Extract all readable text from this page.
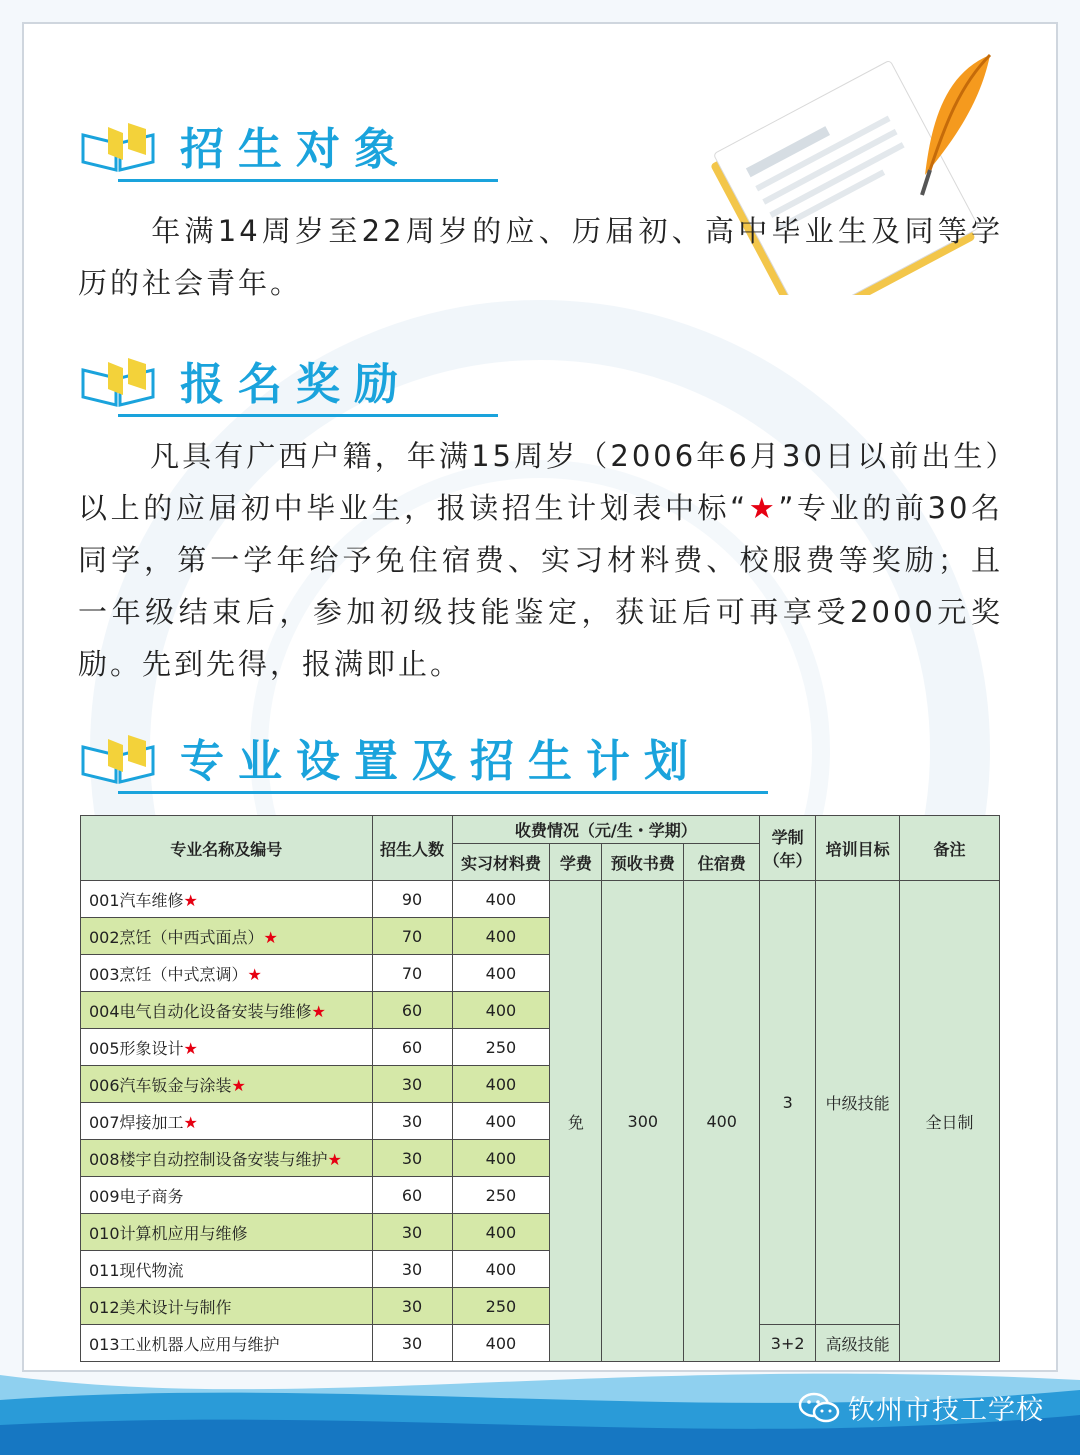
招生对象

年满14周岁至22周岁的应、历届初、高中毕业生及同等学历的社会青年。

报名奖励

凡具有广西户籍，年满15周岁（2006年6月30日以前出生）以上的应届初中毕业生，报读招生计划表中标“★”专业的前30名同学，第一学年给予免住宿费、实习材料费、校服费等奖励；且一年级结束后，参加初级技能鉴定，获证后可再享受2000元奖励。先到先得，报满即止。

专业设置及招生计划
专业名称及编号	招生人数	收费情况（元/生・学期）				学制（年）	培训目标	备注
		实习材料费	学费	预收书费	住宿费			
001汽车维修★	90	400	免	300	400	3	中级技能	全日制
002烹饪（中西式面点）★	70	400						
003烹饪（中式烹调）★	70	400						
004电气自动化设备安装与维修★	60	400						
005形象设计★	60	250						
006汽车钣金与涂装★	30	400						
007焊接加工★	30	400						
008楼宇自动控制设备安装与维护★	30	400						
009电子商务	60	250						
010计算机应用与维修	30	400						
011现代物流	30	400						
012美术设计与制作	30	250						
013工业机器人应用与维护	30	400				3+2	高级技能	
钦州市技工学校
